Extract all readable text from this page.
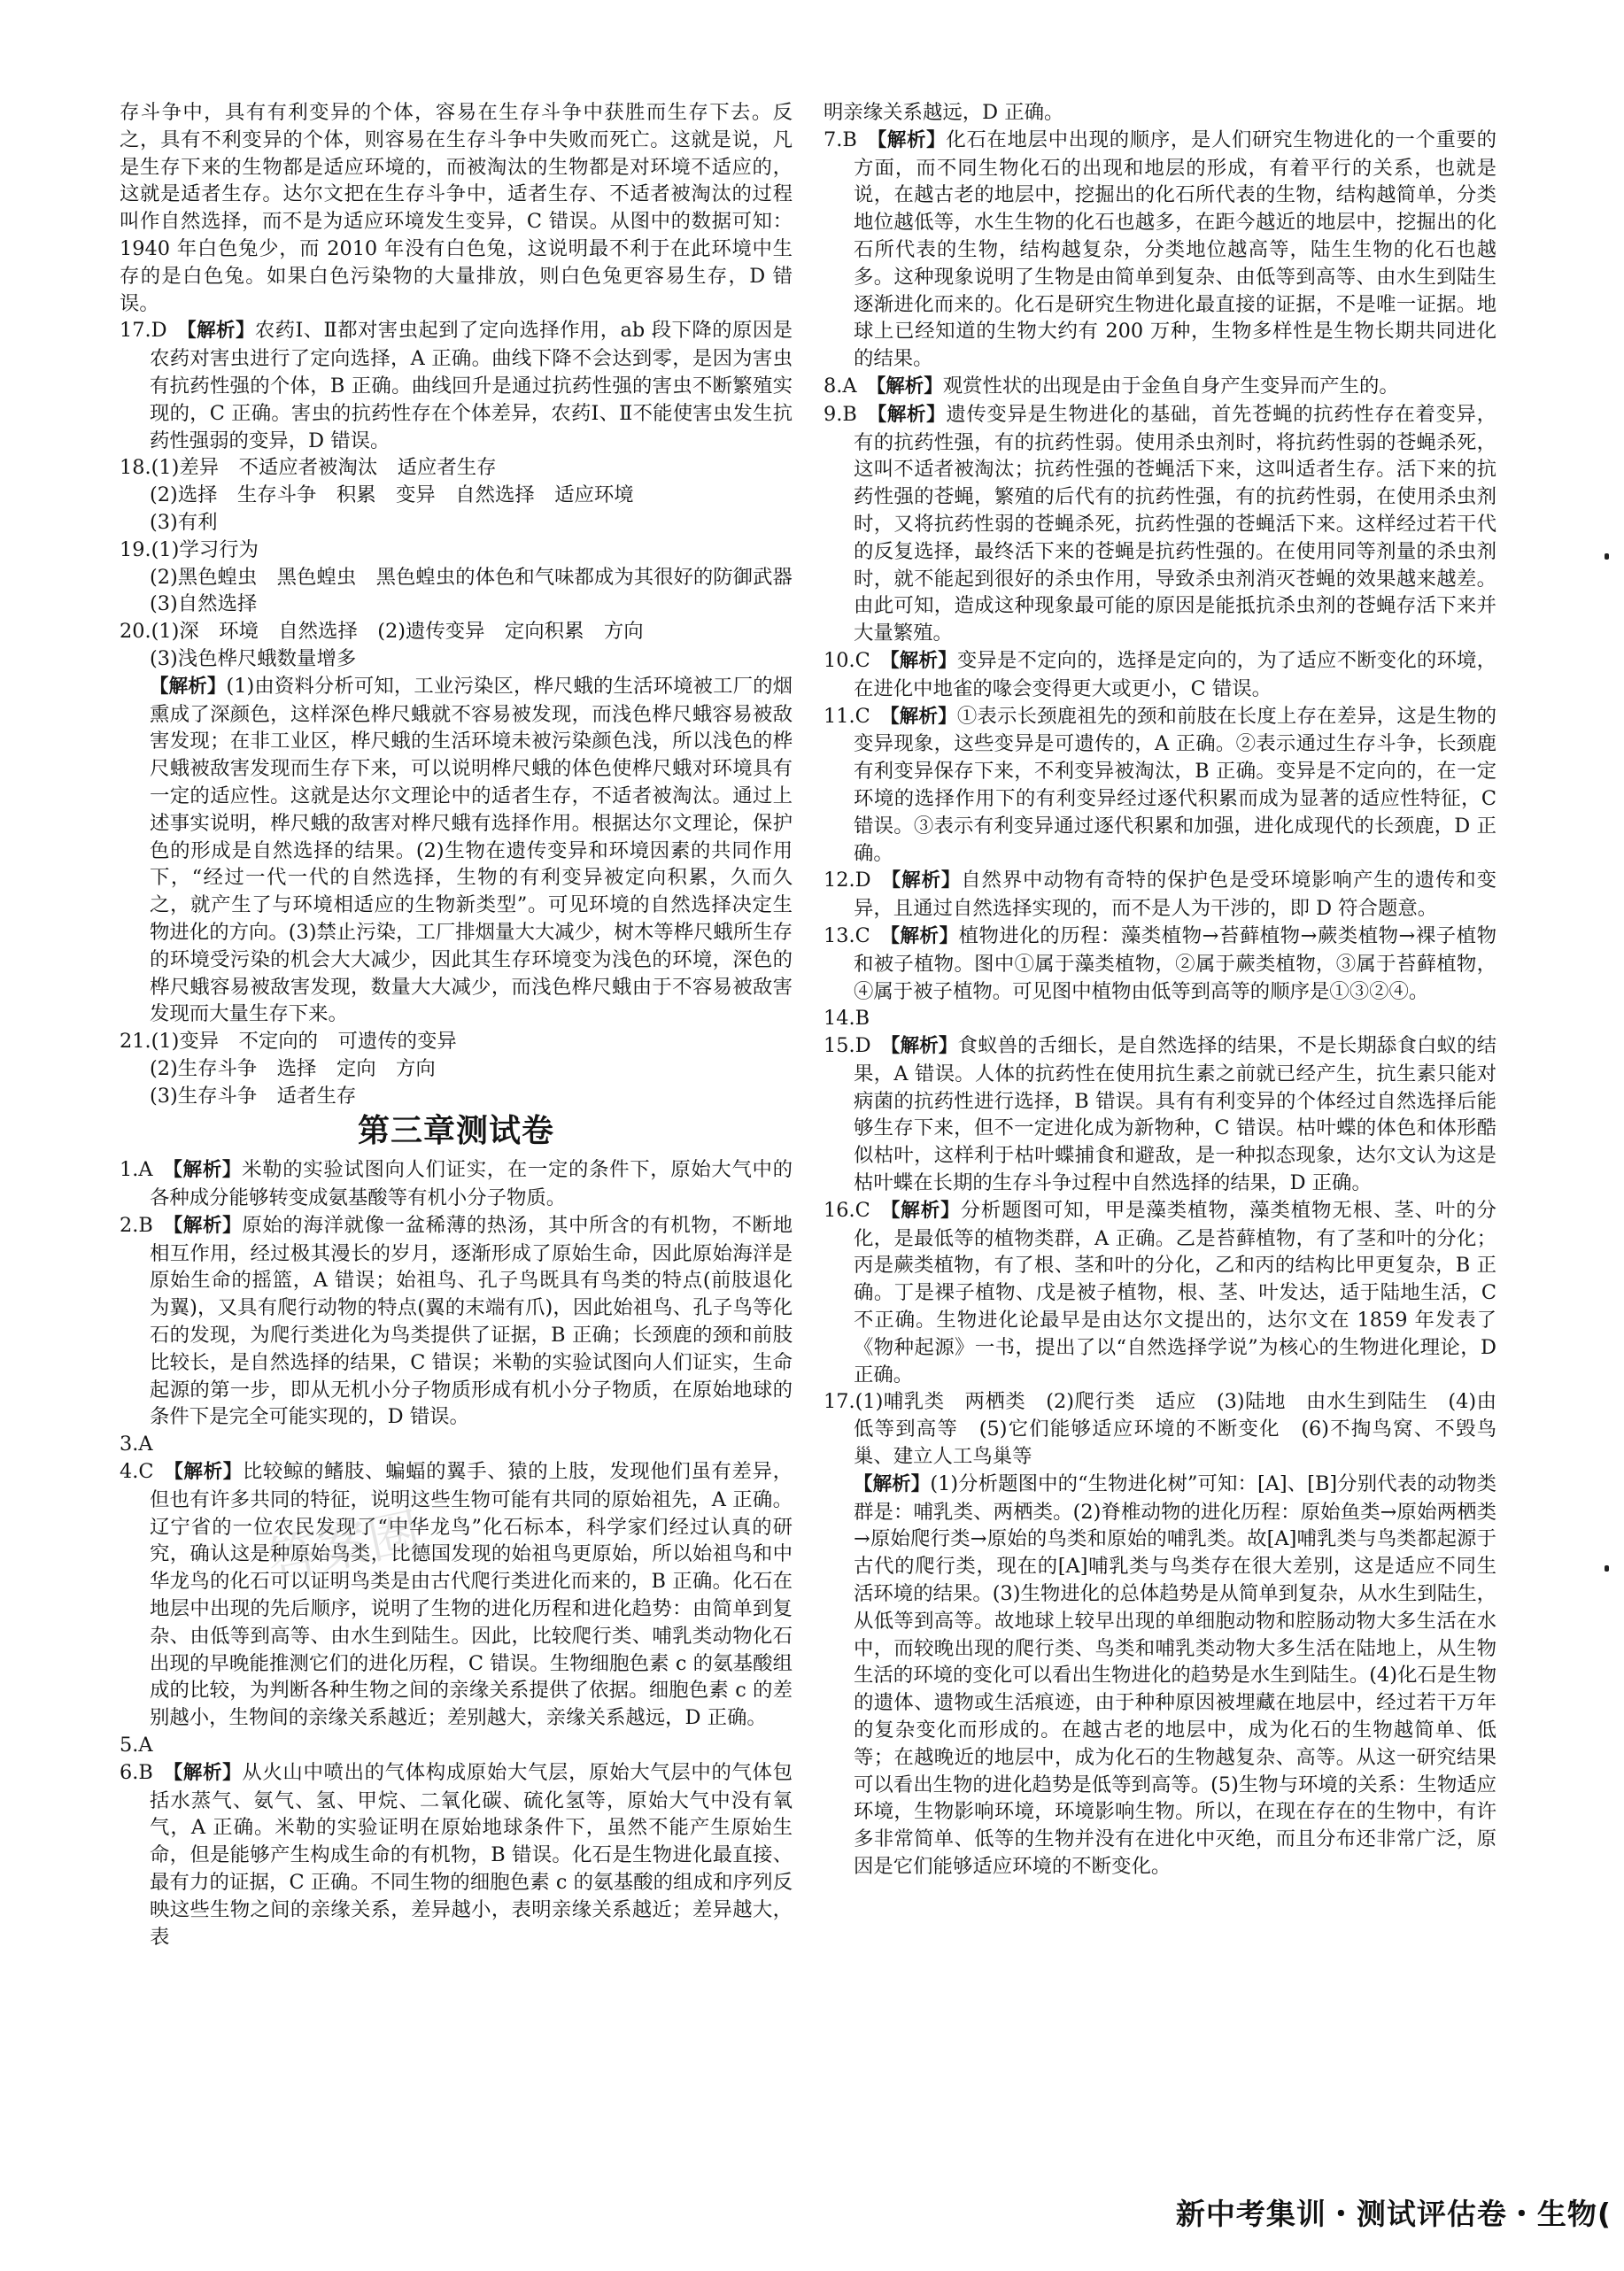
存斗争中，具有有利变异的个体，容易在生存斗争中获胜而生存下去。反之，具有不利变异的个体，则容易在生存斗争中失败而死亡。这就是说，凡是生存下来的生物都是适应环境的，而被淘汰的生物都是对环境不适应的，这就是适者生存。达尔文把在生存斗争中，适者生存、不适者被淘汰的过程叫作自然选择，而不是为适应环境发生变异，C 错误。从图中的数据可知：1940 年白色兔少，而 2010 年没有白色兔，这说明最不利于在此环境中生存的是白色兔。如果白色污染物的大量排放，则白色兔更容易生存，D 错误。

17.D  【解析】农药Ⅰ、Ⅱ都对害虫起到了定向选择作用，ab 段下降的原因是农药对害虫进行了定向选择，A 正确。曲线下降不会达到零，是因为害虫有抗药性强的个体，B 正确。曲线回升是通过抗药性强的害虫不断繁殖实现的，C 正确。害虫的抗药性存在个体差异，农药Ⅰ、Ⅱ不能使害虫发生抗药性强弱的变异，D 错误。

18.(1)差异　不适应者被淘汰　适应者生存

(2)选择　生存斗争　积累　变异　自然选择　适应环境

(3)有利

19.(1)学习行为

(2)黑色蝗虫　黑色蝗虫　黑色蝗虫的体色和气味都成为其很好的防御武器

(3)自然选择

20.(1)深　环境　自然选择　(2)遗传变异　定向积累　方向

(3)浅色桦尺蛾数量增多

【解析】(1)由资料分析可知，工业污染区，桦尺蛾的生活环境被工厂的烟熏成了深颜色，这样深色桦尺蛾就不容易被发现，而浅色桦尺蛾容易被敌害发现；在非工业区，桦尺蛾的生活环境未被污染颜色浅，所以浅色的桦尺蛾被敌害发现而生存下来，可以说明桦尺蛾的体色使桦尺蛾对环境具有一定的适应性。这就是达尔文理论中的适者生存，不适者被淘汰。通过上述事实说明，桦尺蛾的敌害对桦尺蛾有选择作用。根据达尔文理论，保护色的形成是自然选择的结果。(2)生物在遗传变异和环境因素的共同作用下，“经过一代一代的自然选择，生物的有利变异被定向积累，久而久之，就产生了与环境相适应的生物新类型”。可见环境的自然选择决定生物进化的方向。(3)禁止污染，工厂排烟量大大减少，树木等桦尺蛾所生存的环境受污染的机会大大减少，因此其生存环境变为浅色的环境，深色的桦尺蛾容易被敌害发现，数量大大减少，而浅色桦尺蛾由于不容易被敌害发现而大量生存下来。

21.(1)变异　不定向的　可遗传的变异

(2)生存斗争　选择　定向　方向

(3)生存斗争　适者生存

第三章测试卷

1.A  【解析】米勒的实验试图向人们证实，在一定的条件下，原始大气中的各种成分能够转变成氨基酸等有机小分子物质。

2.B  【解析】原始的海洋就像一盆稀薄的热汤，其中所含的有机物，不断地相互作用，经过极其漫长的岁月，逐渐形成了原始生命，因此原始海洋是原始生命的摇篮，A 错误；始祖鸟、孔子鸟既具有鸟类的特点(前肢退化为翼)，又具有爬行动物的特点(翼的末端有爪)，因此始祖鸟、孔子鸟等化石的发现，为爬行类进化为鸟类提供了证据，B 正确；长颈鹿的颈和前肢比较长，是自然选择的结果，C 错误；米勒的实验试图向人们证实，生命起源的第一步，即从无机小分子物质形成有机小分子物质，在原始地球的条件下是完全可能实现的，D 错误。

3.A

4.C  【解析】比较鲸的鳍肢、蝙蝠的翼手、猿的上肢，发现他们虽有差异，但也有许多共同的特征，说明这些生物可能有共同的原始祖先，A 正确。辽宁省的一位农民发现了“中华龙鸟”化石标本，科学家们经过认真的研究，确认这是种原始鸟类，比德国发现的始祖鸟更原始，所以始祖鸟和中华龙鸟的化石可以证明鸟类是由古代爬行类进化而来的，B 正确。化石在地层中出现的先后顺序，说明了生物的进化历程和进化趋势：由简单到复杂、由低等到高等、由水生到陆生。因此，比较爬行类、哺乳类动物化石出现的早晚能推测它们的进化历程，C 错误。生物细胞色素 c 的氨基酸组成的比较，为判断各种生物之间的亲缘关系提供了依据。细胞色素 c 的差别越小，生物间的亲缘关系越近；差别越大，亲缘关系越远，D 正确。

5.A

6.B  【解析】从火山中喷出的气体构成原始大气层，原始大气层中的气体包括水蒸气、氨气、氢、甲烷、二氧化碳、硫化氢等，原始大气中没有氧气，A 正确。米勒的实验证明在原始地球条件下，虽然不能产生原始生命，但是能够产生构成生命的有机物，B 错误。化石是生物进化最直接、最有力的证据，C 正确。不同生物的细胞色素 c 的氨基酸的组成和序列反映这些生物之间的亲缘关系，差异越小，表明亲缘关系越近；差异越大，表

明亲缘关系越远，D 正确。

7.B  【解析】化石在地层中出现的顺序，是人们研究生物进化的一个重要的方面，而不同生物化石的出现和地层的形成，有着平行的关系，也就是说，在越古老的地层中，挖掘出的化石所代表的生物，结构越简单，分类地位越低等，水生生物的化石也越多，在距今越近的地层中，挖掘出的化石所代表的生物，结构越复杂，分类地位越高等，陆生生物的化石也越多。这种现象说明了生物是由简单到复杂、由低等到高等、由水生到陆生逐渐进化而来的。化石是研究生物进化最直接的证据，不是唯一证据。地球上已经知道的生物大约有 200 万种，生物多样性是生物长期共同进化的结果。

8.A  【解析】观赏性状的出现是由于金鱼自身产生变异而产生的。

9.B  【解析】遗传变异是生物进化的基础，首先苍蝇的抗药性存在着变异，有的抗药性强，有的抗药性弱。使用杀虫剂时，将抗药性弱的苍蝇杀死，这叫不适者被淘汰；抗药性强的苍蝇活下来，这叫适者生存。活下来的抗药性强的苍蝇，繁殖的后代有的抗药性强，有的抗药性弱，在使用杀虫剂时，又将抗药性弱的苍蝇杀死，抗药性强的苍蝇活下来。这样经过若干代的反复选择，最终活下来的苍蝇是抗药性强的。在使用同等剂量的杀虫剂时，就不能起到很好的杀虫作用，导致杀虫剂消灭苍蝇的效果越来越差。由此可知，造成这种现象最可能的原因是能抵抗杀虫剂的苍蝇存活下来并大量繁殖。

10.C  【解析】变异是不定向的，选择是定向的，为了适应不断变化的环境，在进化中地雀的喙会变得更大或更小，C 错误。

11.C  【解析】①表示长颈鹿祖先的颈和前肢在长度上存在差异，这是生物的变异现象，这些变异是可遗传的，A 正确。②表示通过生存斗争，长颈鹿有利变异保存下来，不利变异被淘汰，B 正确。变异是不定向的，在一定环境的选择作用下的有利变异经过逐代积累而成为显著的适应性特征，C 错误。③表示有利变异通过逐代积累和加强，进化成现代的长颈鹿，D 正确。

12.D  【解析】自然界中动物有奇特的保护色是受环境影响产生的遗传和变异，且通过自然选择实现的，而不是人为干涉的，即 D 符合题意。

13.C  【解析】植物进化的历程：藻类植物→苔藓植物→蕨类植物→裸子植物和被子植物。图中①属于藻类植物，②属于蕨类植物，③属于苔藓植物，④属于被子植物。可见图中植物由低等到高等的顺序是①③②④。

14.B

15.D  【解析】食蚁兽的舌细长，是自然选择的结果，不是长期舔食白蚁的结果，A 错误。人体的抗药性在使用抗生素之前就已经产生，抗生素只能对病菌的抗药性进行选择，B 错误。具有有利变异的个体经过自然选择后能够生存下来，但不一定进化成为新物种，C 错误。枯叶蝶的体色和体形酷似枯叶，这样利于枯叶蝶捕食和避敌，是一种拟态现象，达尔文认为这是枯叶蝶在长期的生存斗争过程中自然选择的结果，D 正确。

16.C  【解析】分析题图可知，甲是藻类植物，藻类植物无根、茎、叶的分化，是最低等的植物类群，A 正确。乙是苔藓植物，有了茎和叶的分化；丙是蕨类植物，有了根、茎和叶的分化，乙和丙的结构比甲更复杂，B 正确。丁是裸子植物、戊是被子植物，根、茎、叶发达，适于陆地生活，C 不正确。生物进化论最早是由达尔文提出的，达尔文在 1859 年发表了《物种起源》一书，提出了以“自然选择学说”为核心的生物进化理论，D 正确。

17.(1)哺乳类　两栖类　(2)爬行类　适应　(3)陆地　由水生到陆生　(4)由低等到高等　(5)它们能够适应环境的不断变化　(6)不掏鸟窝、不毁鸟巢、建立人工鸟巢等

【解析】(1)分析题图中的“生物进化树”可知：[A]、[B]分别代表的动物类群是：哺乳类、两栖类。(2)脊椎动物的进化历程：原始鱼类→原始两栖类→原始爬行类→原始的鸟类和原始的哺乳类。故[A]哺乳类与鸟类都起源于古代的爬行类，现在的[A]哺乳类与鸟类存在很大差别，这是适应不同生活环境的结果。(3)生物进化的总体趋势是从简单到复杂，从水生到陆生，从低等到高等。故地球上较早出现的单细胞动物和腔肠动物大多生活在水中，而较晚出现的爬行类、鸟类和哺乳类动物大多生活在陆地上，从生物生活的环境的变化可以看出生物进化的趋势是水生到陆生。(4)化石是生物的遗体、遗物或生活痕迹，由于种种原因被埋藏在地层中，经过若干万年的复杂变化而形成的。在越古老的地层中，成为化石的生物越简单、低等；在越晚近的地层中，成为化石的生物越复杂、高等。从这一研究结果可以看出生物的进化趋势是低等到高等。(5)生物与环境的关系：生物适应环境，生物影响环境，环境影响生物。所以，在现在存在的生物中，有许多非常简单、低等的生物并没有在进化中灭绝，而且分布还非常广泛，原因是它们能够适应环境的不断变化。

新中考集训・测试评估卷・生物(
答案圈
